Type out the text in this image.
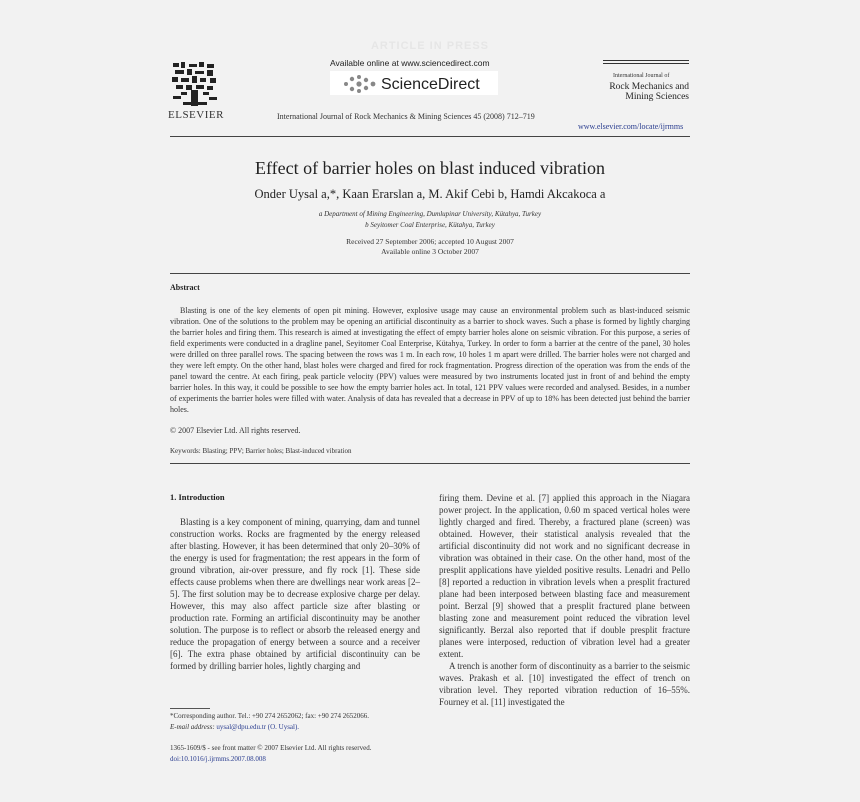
ARTICLE IN PRESS
ELSEVIER
Available online at www.sciencedirect.com
ScienceDirect
International Journal of Rock Mechanics & Mining Sciences 45 (2008) 712–719
International Journal of
Rock Mechanics and Mining Sciences
www.elsevier.com/locate/ijrmms
Effect of barrier holes on blast induced vibration
Onder Uysal a,*, Kaan Erarslan a, M. Akif Cebi b, Hamdi Akcakoca a
a Department of Mining Engineering, Dumlupinar University, Kütahya, Turkey
b Seyitomer Coal Enterprise, Kütahya, Turkey
Received 27 September 2006; accepted 10 August 2007
Available online 3 October 2007
Abstract
Blasting is one of the key elements of open pit mining. However, explosive usage may cause an environmental problem such as blast-induced seismic vibration. One of the solutions to the problem may be opening an artificial discontinuity as a barrier to shock waves. Such a phase is formed by lightly charging the barrier holes and firing them. This research is aimed at investigating the effect of empty barrier holes alone on seismic vibration. For this purpose, a series of field experiments were conducted in a dragline panel, Seyitomer Coal Enterprise, Kütahya, Turkey. In order to form a barrier at the centre of the panel, 30 holes were drilled on three parallel rows. The spacing between the rows was 1 m. In each row, 10 holes 1 m apart were drilled. The barrier holes were not charged and they were left empty. On the other hand, blast holes were charged and fired for rock fragmentation. Progress direction of the operation was from the ends of the panel toward the centre. At each firing, peak particle velocity (PPV) values were measured by two instruments located just in front of and behind the empty barrier holes. In this way, it could be possible to see how the empty barrier holes act. In total, 121 PPV values were recorded and analysed. Besides, in a number of experiments the barrier holes were filled with water. Analysis of data has revealed that a decrease in PPV of up to 18% has been detected just behind the barrier holes.
© 2007 Elsevier Ltd. All rights reserved.
Keywords: Blasting; PPV; Barrier holes; Blast-induced vibration
1. Introduction
Blasting is a key component of mining, quarrying, dam and tunnel construction works. Rocks are fragmented by the energy released after blasting. However, it has been determined that only 20–30% of the energy is used for fragmentation; the rest appears in the form of ground vibration, air-over pressure, and fly rock [1]. These side effects cause problems when there are dwellings near work areas [2–5]. The first solution may be to decrease explosive charge per delay. However, this may also affect particle size after blasting or production rate. Forming an artificial discontinuity may be another solution. The purpose is to reflect or absorb the released energy and reduce the propagation of energy between a source and a receiver [6]. The extra phase obtained by artificial discontinuity can be formed by drilling barrier holes, lightly charging and

firing them. Devine et al. [7] applied this approach in the Niagara power project. In the application, 0.60 m spaced vertical holes were lightly charged and fired. Thereby, a fractured plane (screen) was obtained. However, their statistical analysis revealed that the artificial discontinuity did not work and no significant decrease in vibration was obtained in their case. On the other hand, most of the presplit applications have yielded positive results. Lenadri and Pello [8] reported a reduction in vibration levels when a presplit fractured plane had been interposed between blasting face and measurement point. Berzal [9] showed that a presplit fractured plane between blasting zone and measurement point reduced the vibration level significantly. Berzal also reported that if double presplit fracture planes were interposed, reduction of vibration level had a greater extent.

A trench is another form of discontinuity as a barrier to the seismic waves. Prakash et al. [10] investigated the effect of trench on vibration level. They reported vibration reduction of 16–55%. Fourney et al. [11] investigated the

*Corresponding author. Tel.: +90 274 2652062; fax: +90 274 2652066.
E-mail address: uysal@dpu.edu.tr (O. Uysal).
1365-1609/$ - see front matter © 2007 Elsevier Ltd. All rights reserved.
doi:10.1016/j.ijrmms.2007.08.008
